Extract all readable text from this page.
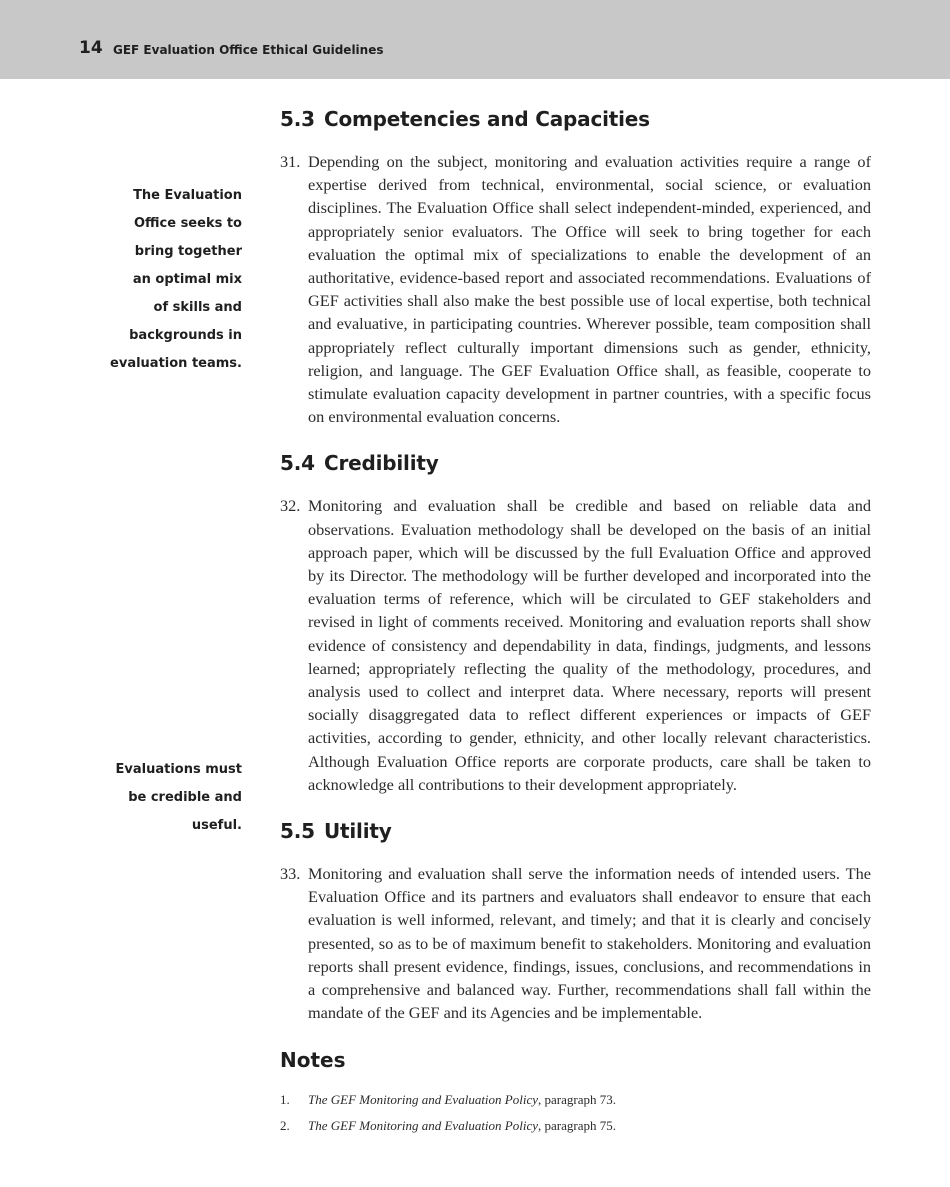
14 GEF Evaluation Office Ethical Guidelines
The Evaluation
Office seeks to
bring together
an optimal mix
of skills and
backgrounds in
evaluation teams.
Evaluations must
be credible and
useful.
5.3 Competencies and Capacities
31. Depending on the subject, monitoring and evaluation activities require a range of expertise derived from technical, environmental, social science, or evaluation disciplines. The Evaluation Office shall select independent-minded, experienced, and appropriately senior evaluators. The Office will seek to bring together for each evaluation the optimal mix of specializations to enable the development of an authoritative, evidence-based report and associated recommendations. Evaluations of GEF activities shall also make the best possible use of local expertise, both technical and evaluative, in participating countries. Wherever possible, team composition shall appropriately reflect culturally important dimensions such as gender, ethnicity, religion, and language. The GEF Evaluation Office shall, as feasible, cooperate to stimulate evaluation capacity development in partner countries, with a specific focus on environmental evaluation concerns.
5.4 Credibility
32. Monitoring and evaluation shall be credible and based on reliable data and observations. Evaluation methodology shall be developed on the basis of an initial approach paper, which will be discussed by the full Evaluation Office and approved by its Director. The methodology will be further developed and incorporated into the evaluation terms of reference, which will be circulated to GEF stakeholders and revised in light of comments received. Monitoring and evaluation reports shall show evidence of consistency and dependability in data, findings, judgments, and lessons learned; appropriately reflecting the quality of the methodology, procedures, and analysis used to collect and interpret data. Where necessary, reports will present socially disaggregated data to reflect different experiences or impacts of GEF activities, according to gender, ethnicity, and other locally relevant characteristics. Although Evaluation Office reports are corporate products, care shall be taken to acknowledge all contributions to their development appropriately.
5.5 Utility
33. Monitoring and evaluation shall serve the information needs of intended users. The Evaluation Office and its partners and evaluators shall endeavor to ensure that each evaluation is well informed, relevant, and timely; and that it is clearly and concisely presented, so as to be of maximum benefit to stakeholders. Monitoring and evaluation reports shall present evidence, findings, issues, conclusions, and recommendations in a comprehensive and balanced way. Further, recommendations shall fall within the mandate of the GEF and its Agencies and be implementable.
Notes
1.	The GEF Monitoring and Evaluation Policy, paragraph 73.
2.	The GEF Monitoring and Evaluation Policy, paragraph 75.
